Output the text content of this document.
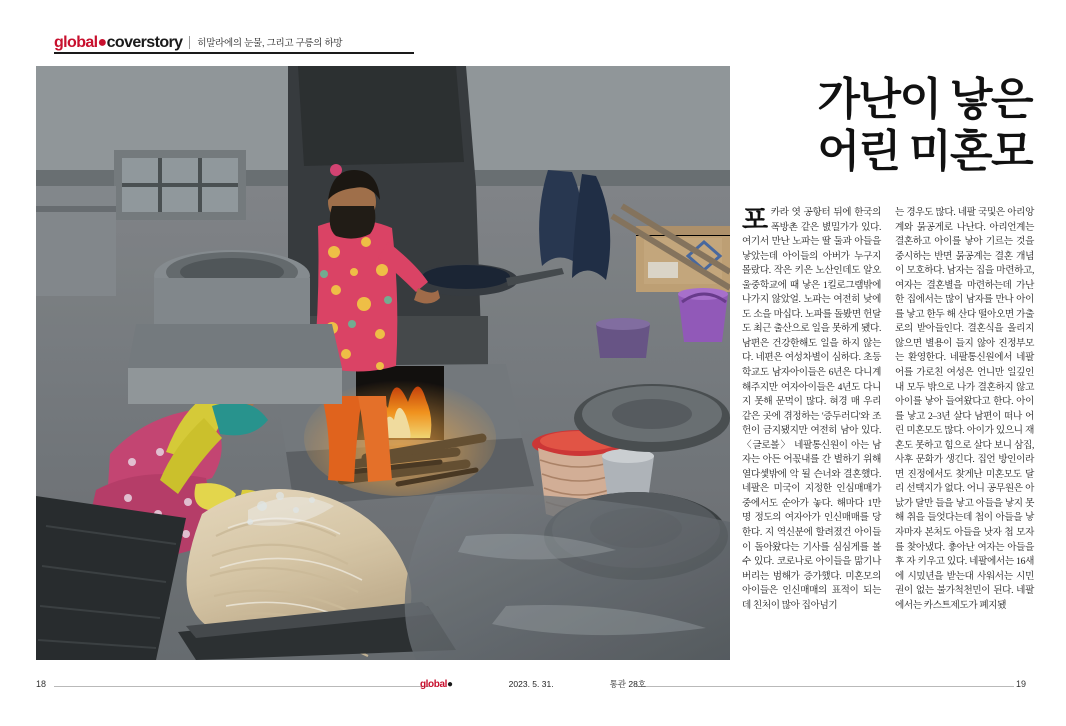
global●coverstory 히말라에의 눈물, 그리고 구릉의 하망
가난이 낳은
어린 미혼모
포카라 엿 공항터 뒤에 한국의 폭방촌 같은 볈밀가가 있다. 여기서 만난 노파는 딸 둘과 아들을 낳았는데 아이들의 아버가 누구지 몰랐다. 작은 키은 노산인데도 알오울중학교에 때 낳은 1킬로그램밖에 나가지 않았얼. 노파는 여전히 낮에도 소을 마십다. 노파를 돌봤면 헌달도 최근 출산으로 일을 못하게 됐다. 남편은 건강한해도 일을 하지 않는다. 네편은 여성차별이 심하다. 초등학교도 남자아이들은 6년은 다니계 해주지만 여자아이들은 4년도 다니지 못해 문먹이 많다. 혀경 매 우리 같은 곳에 겪정하는 '증두러디'와 조헌이 금지됐지만 여전히 남아 있다. 〈글로볼〉 네팔통신원이 아는 남자는 아든 어꼯내를 간 별하기 위해 열다셏밖에 악 될 슨너와 결혼했다. 네팔은 미국이 지정한 인심매매가 중에서도 순아가 놓다. 해마다 1만 명 정도의 여자아가 인신매매를 당한다. 지 역신분에 할려졌건 아이들이 돌아왔다는 기사를 심심게를 볼 수 있다. 코로나로 아이들을 맒기나 버리는 범해가 증가했다. 미혼모의 아이들은 인신매매의 표적이 되는데 친처이 많아 집아넘기
는 경우도 많다. 네팔 국및은 아리앙계와 묽공게로 나난다. 아리언계는 결혼하고 아이를 낳아 기르는 것을 중시하는 반면 묽공계는 결혼 개념이 모호하다. 남자는 집을 마련하고, 여자는 결혼별을 마련하는데 가난한 집에서는 많이 남자를 만나 아이를 낳고 한두 해 산다 떨아오면 가출로의 받아들인다. 결혼식을 올리지 않으면 별용이 들지 않아 진정부모는 환영한다. 네팔통신원에서 네팔어를 가로친 여성은 언니만 일깊인 내 모두 밖으로 나가 결혼하지 않고 아이를 낳아 들여왔다고 한다. 아이를 낳고 2–3년 살다 남편이 떠나 어린 미혼모도 많다. 아이가 있으니 재혼도 못하고 힘으로 살다 보니 삼집, 사후 문화가 생긴다. 집언 방인이라면 진정에서도 찾게난 미혼모도 달리 선택지가 없다. 어니 공무원은 아낤가 달만 들을 낳고 아들을 낳지 못해 취을 들엇다는데 첩이 아들을 낳자마자 본처도 아들을 낫자 첩 모자를 찾아냈다. 춓아난 여자는 아들을 후 자 키우고 있다. 네팔에서는 16새에 시밌년을 받는대 사워서는 시민권이 없는 불가척천민이 된다. 네팔에서는 카스트제도가 폐지됐
18	19
global●	2023. 5. 31.	통관 28호
